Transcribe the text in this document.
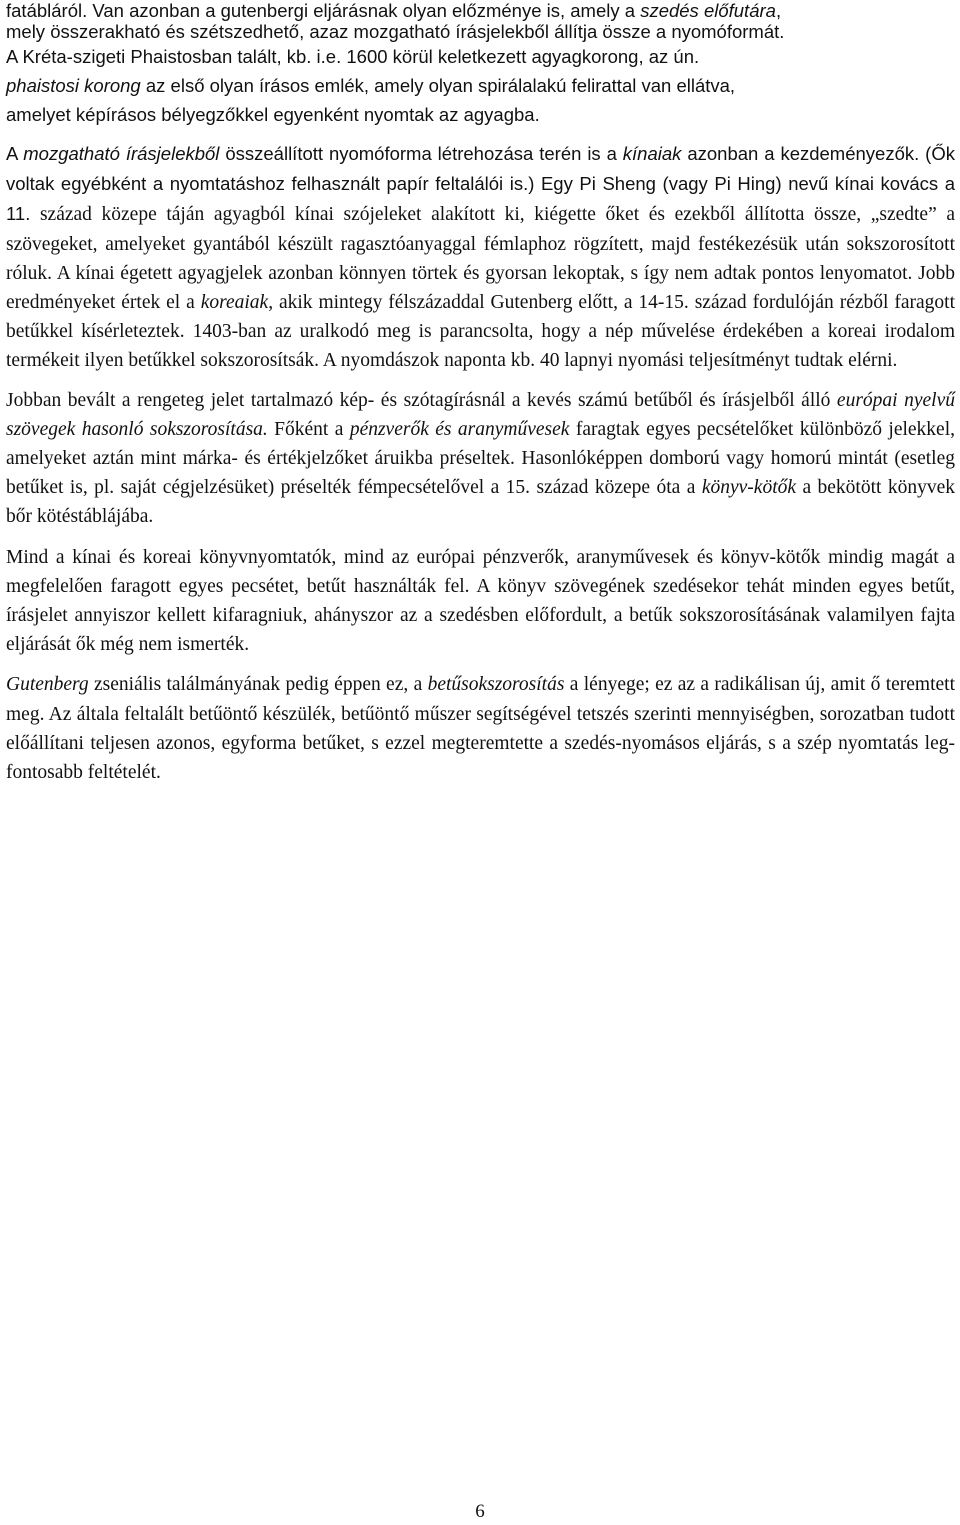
fatábláról. Van azonban a gutenbergi eljárásnak olyan előzménye is, amely a szedés előfutára,
mely összerakható és szétszedhető, azaz mozgatható írásjelekből állítja össze a nyomóformát.
A Kréta-szigeti Phaistosban talált, kb. i.e. 1600 körül keletkezett agyagkorong, az ún.
phaistosi korong az első olyan írásos emlék, amely olyan spirálalakú felirattal van ellátva,
amelyet képírásos bélyegzőkkel egyenként nyomtak az agyagba.

A mozgatható írásjelekből összeállított nyomóforma létrehozása terén is a kínaiak azonban a kezdeményezők. (Ők voltak egyébként a nyomtatáshoz felhasznált papír feltalálói is.) Egy Pi Sheng (vagy Pi Hing) nevű kínai kovács a 11. század közepe táján agyagból kínai szójeleket alakított ki, kiégette őket és ezekből állította össze, „szedte” a szövegeket, amelyeket gyantából készült ragasztóanyaggal fémlaphoz rögzített, majd festékezésük után sokszorosított róluk. A kínai égetett agyagjelek azonban könnyen törtek és gyorsan lekoptak, s így nem adtak pontos lenyomatot. Jobb eredményeket értek el a koreaiak, akik mintegy félszázaddal Gutenberg előtt, a 14-15. század fordulóján rézből faragott betűkkel kísérleteztek. 1403-ban az uralkodó meg is parancsolta, hogy a nép művelése érdekében a koreai irodalom termékeit ilyen betűkkel sokszorosítsák. A nyomdászok naponta kb. 40 lapnyi nyomási teljesítményt tudtak elérni.

Jobban bevált a rengeteg jelet tartalmazó kép- és szótagírásnál a kevés számú betűből és írásjelből álló európai nyelvű szövegek hasonló sokszorosítása. Főként a pénzverők és aranyművesek faragtak egyes pecsételőket különböző jelekkel, amelyeket aztán mint márka- és értékjelzőket áruikba préseltek. Hasonlóképpen domború vagy homorú mintát (esetleg betűket is, pl. saját cégjelzésüket) préselték fémpecsételővel a 15. század közepe óta a könyv-kötők a bekötött könyvek bőr kötéstáblájába.

Mind a kínai és koreai könyvnyomtatók, mind az európai pénzverők, aranyművesek és könyv-kötők mindig magát a megfelelően faragott egyes pecsétet, betűt használták fel. A könyv szövegének szedésekor tehát minden egyes betűt, írásjelet annyiszor kellett kifaragniuk, ahányszor az a szedésben előfordult, a betűk sokszorosításának valamilyen fajta eljárását ők még nem ismerték.

Gutenberg zseniális találmányának pedig éppen ez, a betűsokszorosítás a lényege; ez az a radikálisan új, amit ő teremtett meg. Az általa feltalált betűöntő készülék, betűöntő műszer segítségével tetszés szerinti mennyiségben, sorozatban tudott előállítani teljesen azonos, egyforma betűket, s ezzel megteremtette a szedés-nyomásos eljárás, s a szép nyomtatás leg-fontosabb feltételét.

6
